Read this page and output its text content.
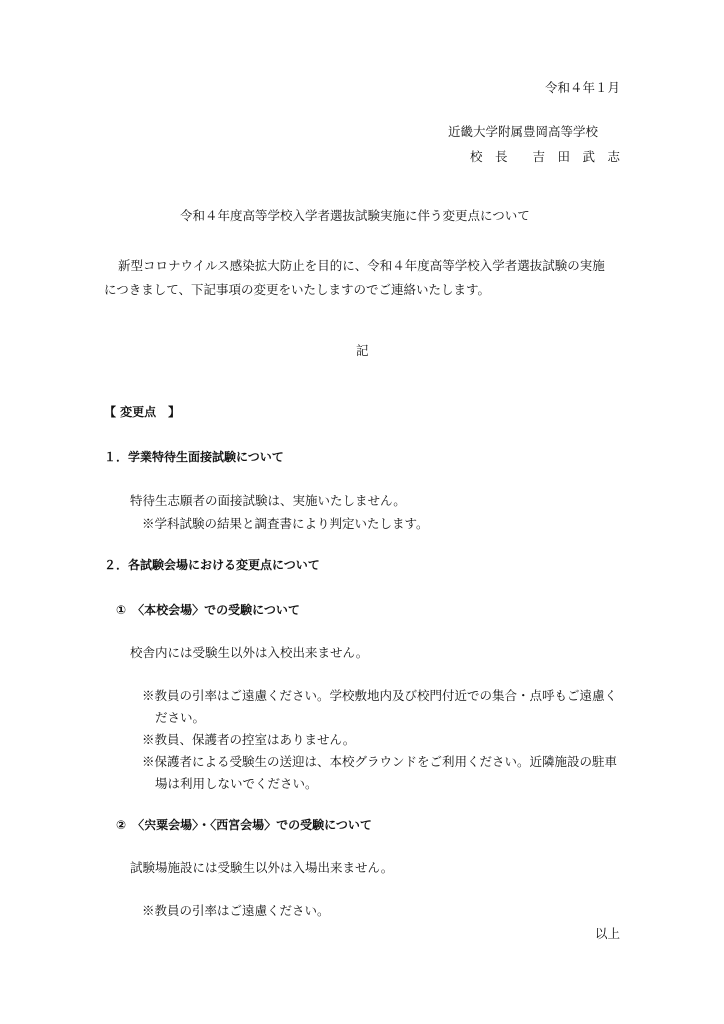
令和４年１月
近畿大学附属豊岡高等学校
校　長　　吉　田　武　志
令和４年度高等学校入学者選抜試験実施に伴う変更点について
新型コロナウイルス感染拡大防止を目的に、令和４年度高等学校入学者選抜試験の実施
につきまして、下記事項の変更をいたしますのでご連絡いたします。
記
【 変更点　】
１．学業特待生面接試験について
特待生志願者の面接試験は、実施いたしません。
※学科試験の結果と調査書により判定いたします。
２．各試験会場における変更点について
①　〈本校会場〉での受験について
校舎内には受験生以外は入校出来ません。
※教員の引率はご遠慮ください。学校敷地内及び校門付近での集合・点呼もご遠慮く
ださい。
※教員、保護者の控室はありません。
※保護者による受験生の送迎は、本校グラウンドをご利用ください。近隣施設の駐車
場は利用しないでください。
②　〈宍粟会場〉・〈西宮会場〉での受験について
試験場施設には受験生以外は入場出来ません。
※教員の引率はご遠慮ください。
以上
